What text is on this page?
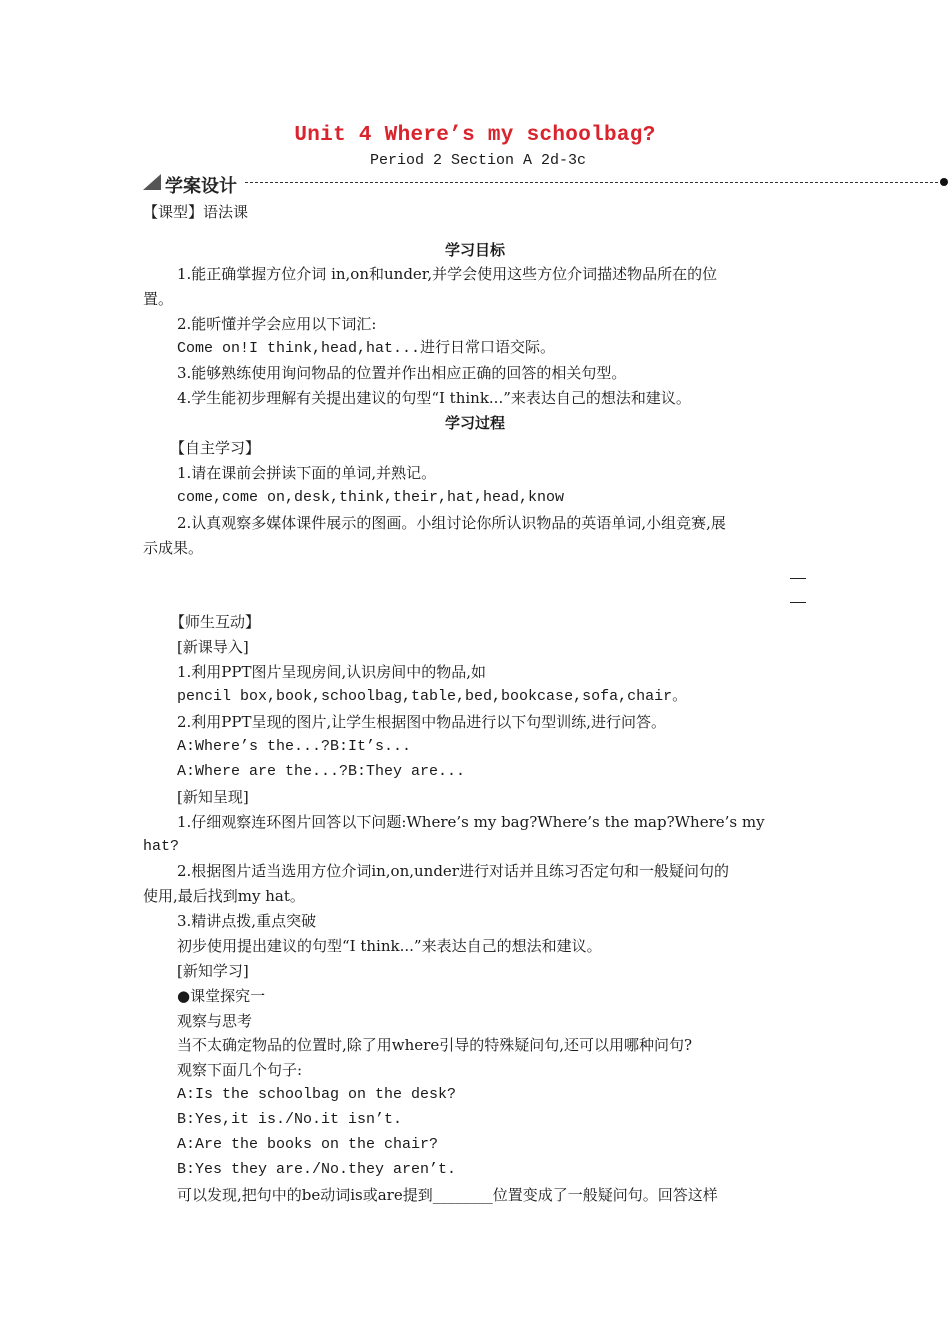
Unit 4 Where’s my schoolbag?
Period 2 Section A 2d-3c
学案设计
【课型】语法课
学习目标
1.能正确掌握方位介词 in,on和under,并学会使用这些方位介词描述物品所在的位
置。
2.能听懂并学会应用以下词汇:
Come on!I think,head,hat...进行日常口语交际。
3.能够熟练使用询问物品的位置并作出相应正确的回答的相关句型。
4.学生能初步理解有关提出建议的句型“I think...”来表达自己的想法和建议。
学习过程
【自主学习】
1.请在课前会拼读下面的单词,并熟记。
come,come on,desk,think,their,hat,head,know
2.认真观察多媒体课件展示的图画。小组讨论你所认识物品的英语单词,小组竞赛,展
示成果。
【师生互动】
[新课导入]
1.利用PPT图片呈现房间,认识房间中的物品,如
pencil box,book,schoolbag,table,bed,bookcase,sofa,chair。
2.利用PPT呈现的图片,让学生根据图中物品进行以下句型训练,进行问答。
A:Where’s the...?B:It’s...
A:Where are the...?B:They are...
[新知呈现]
1.仔细观察连环图片回答以下问题:Where’s my bag?Where’s the map?Where’s my
hat?
2.根据图片适当选用方位介词in,on,under进行对话并且练习否定句和一般疑问句的
使用,最后找到my hat。
3.精讲点拨,重点突破
初步使用提出建议的句型“I think...”来表达自己的想法和建议。
[新知学习]
●课堂探究一
观察与思考
当不太确定物品的位置时,除了用where引导的特殊疑问句,还可以用哪种问句?
观察下面几个句子:
A:Is the schoolbag on the desk?
B:Yes,it is./No.it isn’t.
A:Are the books on the chair?
B:Yes they are./No.they aren’t.
可以发现,把句中的be动词is或are提到________位置变成了一般疑问句。回答这样
